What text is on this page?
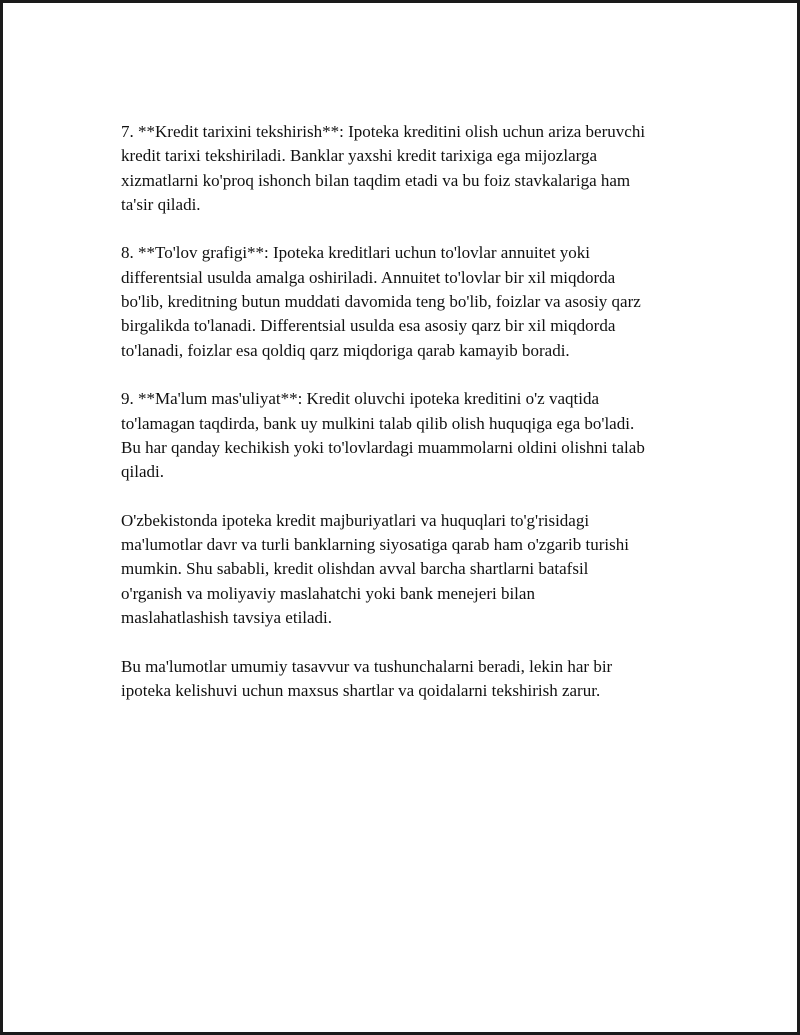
7. **Kredit tarixini tekshirish**: Ipoteka kreditini olish uchun ariza beruvchi
kredit tarixi tekshiriladi. Banklar yaxshi kredit tarixiga ega mijozlarga
xizmatlarni ko'proq ishonch bilan taqdim etadi va bu foiz stavkalariga ham
ta'sir qiladi.

8. **To'lov grafigi**: Ipoteka kreditlari uchun to'lovlar annuitet yoki
differentsial usulda amalga oshiriladi. Annuitet to'lovlar bir xil miqdorda
bo'lib, kreditning butun muddati davomida teng bo'lib, foizlar va asosiy qarz
birgalikda to'lanadi. Differentsial usulda esa asosiy qarz bir xil miqdorda
to'lanadi, foizlar esa qoldiq qarz miqdoriga qarab kamayib boradi.

9. **Ma'lum mas'uliyat**: Kredit oluvchi ipoteka kreditini o'z vaqtida
to'lamagan taqdirda, bank uy mulkini talab qilib olish huquqiga ega bo'ladi.
Bu har qanday kechikish yoki to'lovlardagi muammolarni oldini olishni talab
qiladi.

O'zbekistonda ipoteka kredit majburiyatlari va huquqlari to'g'risidagi
ma'lumotlar davr va turli banklarning siyosatiga qarab ham o'zgarib turishi
mumkin. Shu sababli, kredit olishdan avval barcha shartlarni batafsil
o'rganish va moliyaviy maslahatchi yoki bank menejeri bilan
maslahatlashish tavsiya etiladi.

Bu ma'lumotlar umumiy tasavvur va tushunchalarni beradi, lekin har bir
ipoteka kelishuvi uchun maxsus shartlar va qoidalarni tekshirish zarur.
